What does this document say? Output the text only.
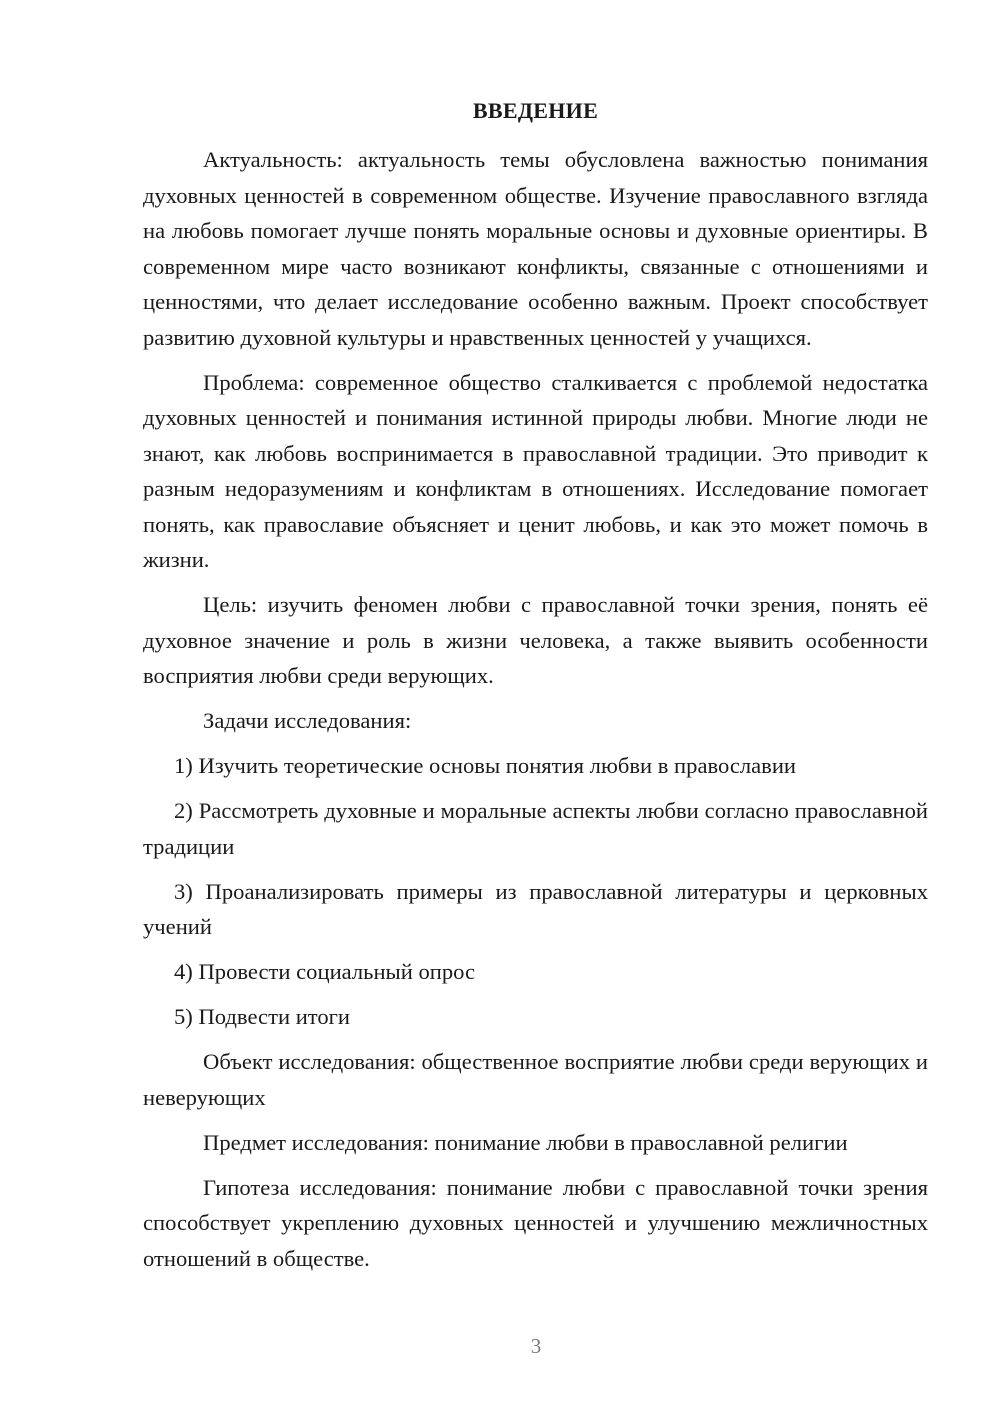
ВВЕДЕНИЕ

Актуальность: актуальность темы обусловлена важностью понимания духовных ценностей в современном обществе. Изучение православного взгляда на любовь помогает лучше понять моральные основы и духовные ориентиры. В современном мире часто возникают конфликты, связанные с отношениями и ценностями, что делает исследование особенно важным. Проект способствует развитию духовной культуры и нравственных ценностей у учащихся.

Проблема: современное общество сталкивается с проблемой недостатка духовных ценностей и понимания истинной природы любви. Многие люди не знают, как любовь воспринимается в православной традиции. Это приводит к разным недоразумениям и конфликтам в отношениях. Исследование помогает понять, как православие объясняет и ценит любовь, и как это может помочь в жизни.

Цель: изучить феномен любви с православной точки зрения, понять её духовное значение и роль в жизни человека, а также выявить особенности восприятия любви среди верующих.

Задачи исследования:

1) Изучить теоретические основы понятия любви в православии

2) Рассмотреть духовные и моральные аспекты любви согласно православной традиции

3) Проанализировать примеры из православной литературы и церковных учений

4) Провести социальный опрос

5) Подвести итоги

Объект исследования: общественное восприятие любви среди верующих и неверующих

Предмет исследования: понимание любви в православной религии

Гипотеза исследования: понимание любви с православной точки зрения способствует укреплению духовных ценностей и улучшению межличностных отношений в обществе.

3
